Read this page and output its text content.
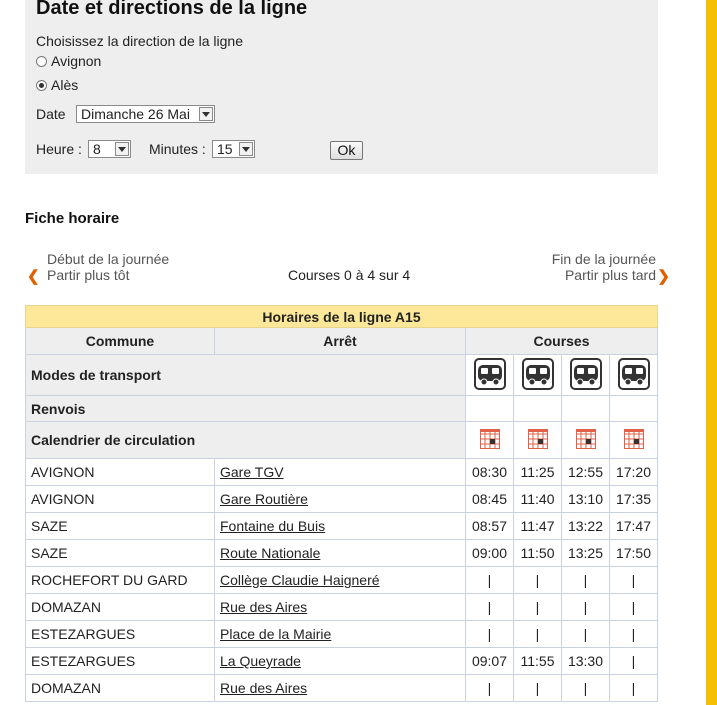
Date et directions de la ligne
Choisissez la direction de la ligne
Avignon
Alès
Date	Dimanche 26 Mai
Heure : 8	Minutes : 15	Ok
Fiche horaire
Début de la journée
Partir plus tôt
❮	Courses 0 à 4 sur 4
Fin de la journée
Partir plus tard ❯
Horaires de la ligne A15					
Commune	Arrêt	Courses			
Modes de transport				
Renvois					
Calendrier de circulation				
AVIGNON	Gare TGV	08:30	11:25	12:55	17:20
AVIGNON	Gare Routière	08:45	11:40	13:10	17:35
SAZE	Fontaine du Buis	08:57	11:47	13:22	17:47
SAZE	Route Nationale	09:00	11:50	13:25	17:50
ROCHEFORT DU GARD	Collège Claudie Haigneré	|	|	|	|
DOMAZAN	Rue des Aires	|	|	|	|
ESTEZARGUES	Place de la Mairie	|	|	|	|
ESTEZARGUES	La Queyrade	09:07	11:55	13:30	|
DOMAZAN	Rue des Aires	|	|	|	|
